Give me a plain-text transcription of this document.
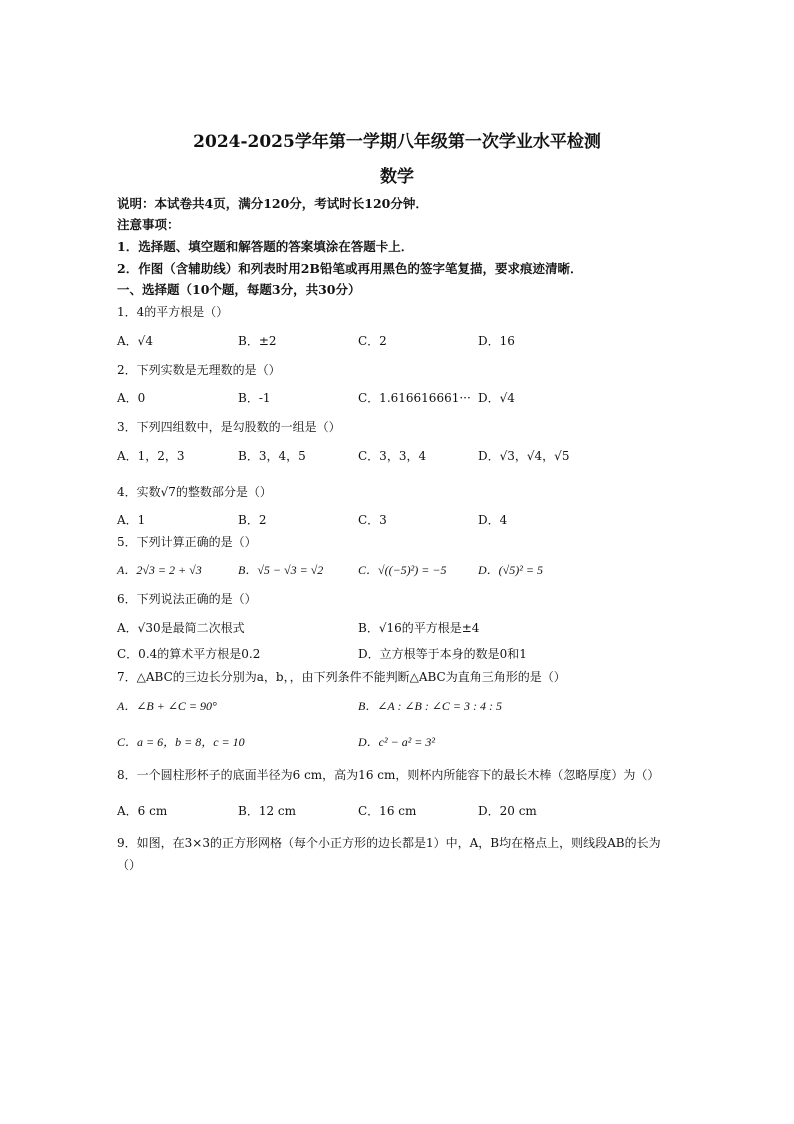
2024-2025学年第一学期八年级第一次学业水平检测
数学
说明：本试卷共4页，满分120分，考试时长120分钟．
注意事项：
1．选择题、填空题和解答题的答案填涂在答题卡上．
2．作图（含辅助线）和列表时用2B铅笔或再用黑色的签字笔复描，要求痕迹清晰．
一、选择题（10个题，每题3分，共30分）
1．4的平方根是（）
A．√4	B．±2	C．2	D．16
2．下列实数是无理数的是（）
A．0	B．-1	C．1.616616661··· D．√4
3．下列四组数中，是勾股数的一组是（）
A．1，2，3	B．3，4，5	C．3，3，4	D．√3，√4，√5
4．实数√7的整数部分是（）
A．1	B．2	C．3	D．4
5．下列计算正确的是（）
A．2√3 = 2 + √3	B．√5 − √3 = √2	C．√((−5)²) = −5	D．(√5)² = 5
6．下列说法正确的是（）
A．√30是最简二次根式	B．√16的平方根是±4
C．0.4的算术平方根是0.2	D．立方根等于本身的数是0和1
7．△ABC的三边长分别为a，b，，由下列条件不能判断△ABC为直角三角形的是（）
A．∠B + ∠C = 90°	B．∠A : ∠B : ∠C = 3 : 4 : 5
C．a = 6，b = 8，c = 10	D．c² − a² = 3²
8．一个圆柱形杯子的底面半径为6 cm，高为16 cm，则杯内所能容下的最长木棒（忽略厚度）为（）
A．6 cm	B．12 cm	C．16 cm	D．20 cm
9．如图，在3×3的正方形网格（每个小正方形的边长都是1）中，A，B均在格点上，则线段AB的长为
（）
